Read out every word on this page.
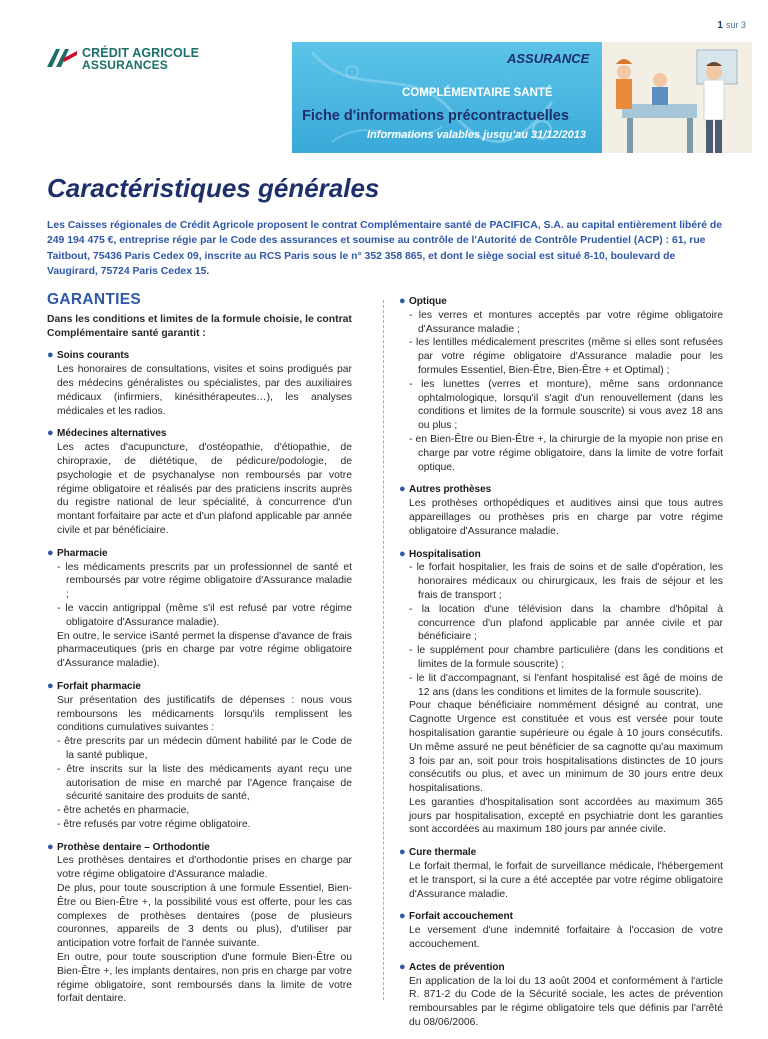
1 sur 3
CRÉDIT AGRICOLE
ASSURANCES	ASSURANCE
COMPLÉMENTAIRE SANTÉ
Fiche d'informations précontractuelles
Informations valables jusqu'au 31/12/2013
Caractéristiques générales

Les Caisses régionales de Crédit Agricole proposent le contrat Complémentaire santé de PACIFICA, S.A. au capital entièrement libéré de 249 194 475 €, entreprise régie par le Code des assurances et soumise au contrôle de l'Autorité de Contrôle Prudentiel (ACP) : 61, rue Taitbout, 75436 Paris Cedex 09, inscrite au RCS Paris sous le n° 352 358 865, et dont le siège social est situé 8-10, boulevard de Vaugirard, 75724 Paris Cedex 15.

GARANTIES

Dans les conditions et limites de la formule choisie, le contrat Complémentaire santé garantit :

● Soins courants

Les honoraires de consultations, visites et soins prodigués par des médecins généralistes ou spécialistes, par des auxiliaires médicaux (infirmiers, kinésithérapeutes…), les analyses médicales et les radios.

● Médecines alternatives

Les actes d'acupuncture, d'ostéopathie, d'étiopathie, de chiropraxie, de diététique, de pédicure/podologie, de psychologie et de psychanalyse non remboursés par votre régime obligatoire et réalisés par des praticiens inscrits auprès du registre national de leur spécialité, à concurrence d'un montant forfaitaire par acte et d'un plafond applicable par année civile et par bénéficiaire.

● Pharmacie
- les médicaments prescrits par un professionnel de santé et remboursés par votre régime obligatoire d'Assurance maladie ;
- le vaccin antigrippal (même s'il est refusé par votre régime obligatoire d'Assurance maladie).

En outre, le service iSanté permet la dispense d'avance de frais pharmaceutiques (pris en charge par votre régime obligatoire d'Assurance maladie).

● Forfait pharmacie

Sur présentation des justificatifs de dépenses : nous vous remboursons les médicaments lorsqu'ils remplissent les conditions cumulatives suivantes :

- être prescrits par un médecin dûment habilité par le Code de la santé publique,
- être inscrits sur la liste des médicaments ayant reçu une autorisation de mise en marché par l'Agence française de sécurité sanitaire des produits de santé,
- être achetés en pharmacie,
- être refusés par votre régime obligatoire.
● Prothèse dentaire – Orthodontie

Les prothèses dentaires et d'orthodontie prises en charge par votre régime obligatoire d'Assurance maladie.

De plus, pour toute souscription à une formule Essentiel, Bien-Être ou Bien-Être +, la possibilité vous est offerte, pour les cas complexes de prothèses dentaires (pose de plusieurs couronnes, appareils de 3 dents ou plus), d'utiliser par anticipation votre forfait de l'année suivante.

En outre, pour toute souscription d'une formule Bien-Être ou Bien-Être +, les implants dentaires, non pris en charge par votre régime obligatoire, sont remboursés dans la limite de votre forfait dentaire.

● Optique
- les verres et montures acceptés par votre régime obligatoire d'Assurance maladie ;
- les lentilles médicalement prescrites (même si elles sont refusées par votre régime obligatoire d'Assurance maladie pour les formules Essentiel, Bien-Être, Bien-Être + et Optimal) ;
- les lunettes (verres et monture), même sans ordonnance ophtalmologique, lorsqu'il s'agit d'un renouvellement (dans les conditions et limites de la formule souscrite) si vous avez 18 ans ou plus ;
- en Bien-Être ou Bien-Être +, la chirurgie de la myopie non prise en charge par votre régime obligatoire, dans la limite de votre forfait optique.
● Autres prothèses

Les prothèses orthopédiques et auditives ainsi que tous autres appareillages ou prothèses pris en charge par votre régime obligatoire d'Assurance maladie.

● Hospitalisation
- le forfait hospitalier, les frais de soins et de salle d'opération, les honoraires médicaux ou chirurgicaux, les frais de séjour et les frais de transport ;
- la location d'une télévision dans la chambre d'hôpital à concurrence d'un plafond applicable par année civile et par bénéficiaire ;
- le supplément pour chambre particulière (dans les conditions et limites de la formule souscrite) ;
- le lit d'accompagnant, si l'enfant hospitalisé est âgé de moins de 12 ans (dans les conditions et limites de la formule souscrite).

Pour chaque bénéficiaire nommément désigné au contrat, une Cagnotte Urgence est constituée et vous est versée pour toute hospitalisation garantie supérieure ou égale à 10 jours consécutifs. Un même assuré ne peut bénéficier de sa cagnotte qu'au maximum 3 fois par an, soit pour trois hospitalisations distinctes de 10 jours consécutifs ou plus, et avec un minimum de 30 jours entre deux hospitalisations.

Les garanties d'hospitalisation sont accordées au maximum 365 jours par hospitalisation, excepté en psychiatrie dont les garanties sont accordées au maximum 180 jours par année civile.

● Cure thermale

Le forfait thermal, le forfait de surveillance médicale, l'hébergement et le transport, si la cure a été acceptée par votre régime obligatoire d'Assurance maladie.

● Forfait accouchement

Le versement d'une indemnité forfaitaire à l'occasion de votre accouchement.

● Actes de prévention

En application de la loi du 13 août 2004 et conformément à l'article R. 871-2 du Code de la Sécurité sociale, les actes de prévention remboursables par le régime obligatoire tels que définis par l'arrêté du 08/06/2006.
